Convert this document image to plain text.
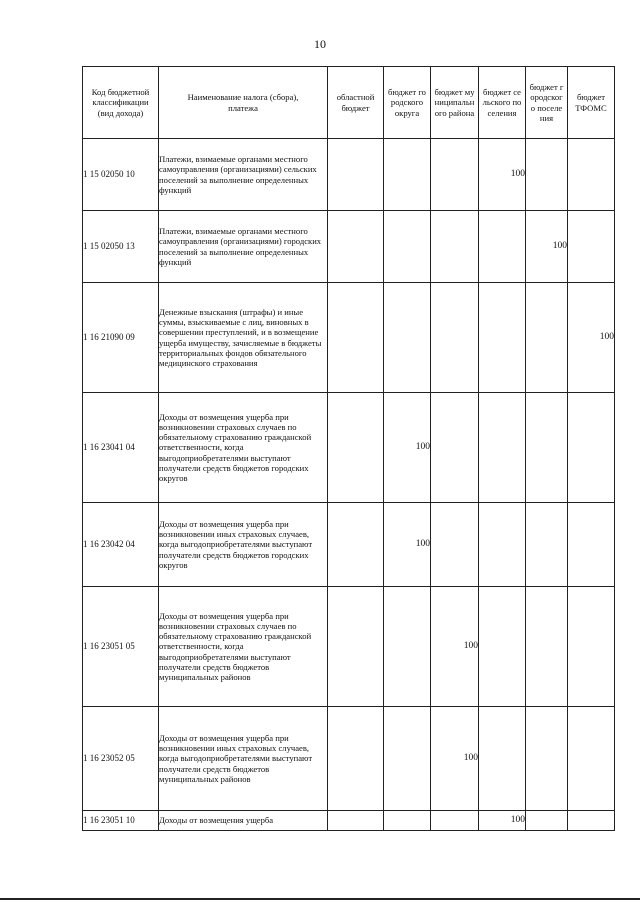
10
Код бюджетной классификации (вид дохода)	Наименование налога (сбора), платежа	областной бюджет	бюджет городского округа	бюджет муниципального района	бюджет сельского поселения	бюджет городского поселения	бюджет ТФОМС
1 15 02050 10	Платежи, взимаемые органами местного самоуправления (организациями) сельских поселений за выполнение определенных функций				100		
1 15 02050 13	Платежи, взимаемые органами местного самоуправления (организациями) городских поселений за выполнение определенных функций					100	
1 16 21090 09	Денежные взыскания (штрафы) и иные суммы, взыскиваемые с лиц, виновных в совершении преступлений, и в возмещение ущерба имуществу, зачисляемые в бюджеты территориальных фондов обязательного медицинского страхования						100
1 16 23041 04	Доходы от возмещения ущерба при возникновении страховых случаев по обязательному страхованию гражданской ответственности, когда выгодоприобретателями выступают получатели средств бюджетов городских округов		100				
1 16 23042 04	Доходы от возмещения ущерба при возникновении иных страховых случаев, когда выгодоприобретателями выступают получатели средств бюджетов городских округов		100				
1 16 23051 05	Доходы от возмещения ущерба при возникновении страховых случаев по обязательному страхованию гражданской ответственности, когда выгодоприобретателями выступают получатели средств бюджетов муниципальных районов			100			
1 16 23052 05	Доходы от возмещения ущерба при возникновении иных страховых случаев, когда выгодоприобретателями выступают получатели средств бюджетов муниципальных районов			100			
1 16 23051 10	Доходы от возмещения ущерба				100		
